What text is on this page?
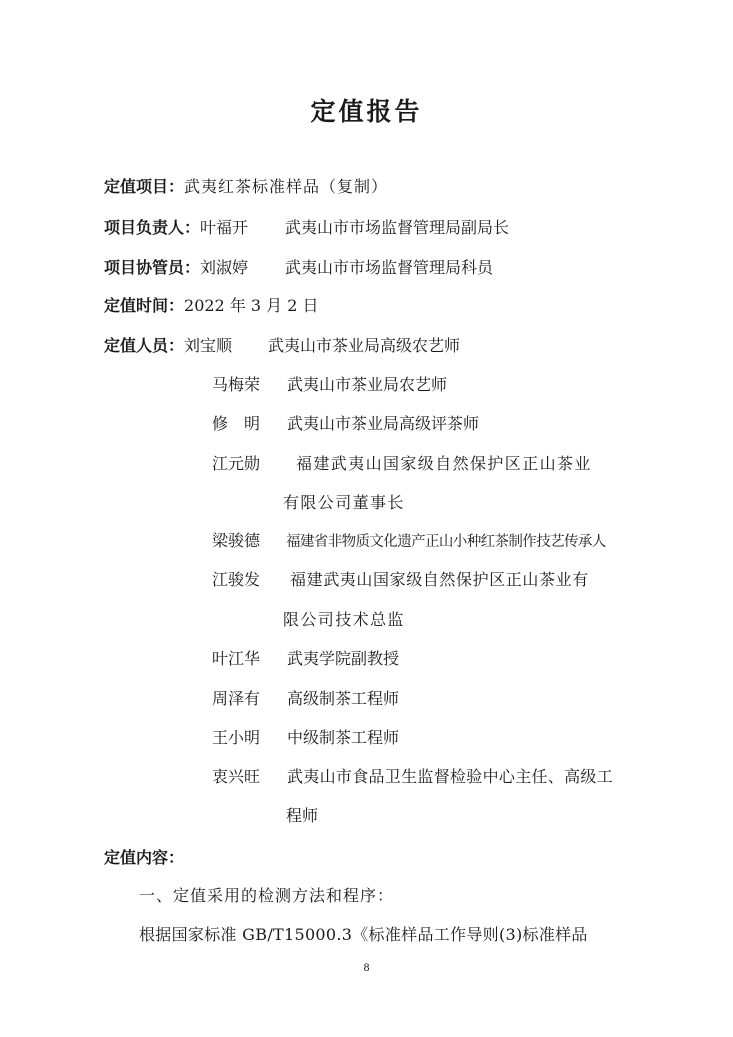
定值报告
定值项目：武夷红茶标准样品（复制）
项目负责人：叶福开 武夷山市市场监督管理局副局长
项目协管员：刘淑婷 武夷山市市场监督管理局科员
定值时间：2022 年 3 月 2 日
定值人员：刘宝顺 武夷山市茶业局高级农艺师
马梅荣 武夷山市茶业局农艺师
修　明 武夷山市茶业局高级评茶师
江元勋 福建武夷山国家级自然保护区正山茶业
有限公司董事长
梁骏德 福建省非物质文化遗产正山小种红茶制作技艺传承人
江骏发 福建武夷山国家级自然保护区正山茶业有
限公司技术总监
叶江华 武夷学院副教授
周泽有 高级制茶工程师
王小明 中级制茶工程师
衷兴旺 武夷山市食品卫生监督检验中心主任、高级工
程师
定值内容：
一、定值采用的检测方法和程序：
根据国家标准 GB/T15000.3《标准样品工作导则(3)标准样品
8
